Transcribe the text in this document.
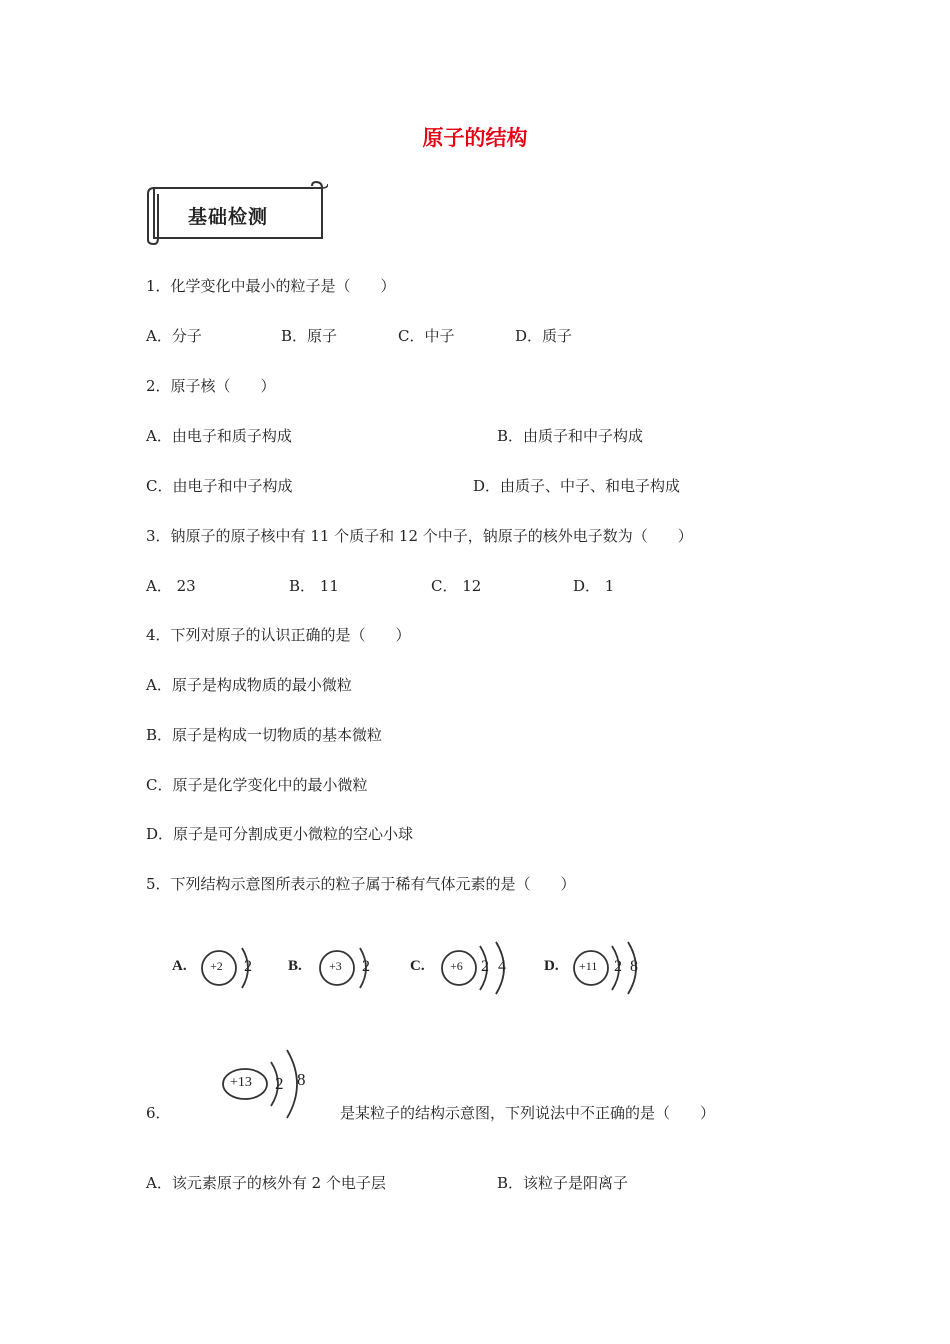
原子的结构
基础检测
1．化学变化中最小的粒子是（　　）
A．分子	B．原子	C．中子	D．质子
2．原子核（　　）
A．由电子和质子构成	B．由质子和中子构成
C．由电子和中子构成	D．由质子、中子、和电子构成
3．钠原子的原子核中有 11 个质子和 12 个中子，钠原子的核外电子数为（　　）
A． 23	B． 11	C． 12	D． 1
4．下列对原子的认识正确的是（　　）
A．原子是构成物质的最小微粒
B．原子是构成一切物质的基本微粒
C．原子是化学变化中的最小微粒
D．原子是可分割成更小微粒的空心小球
5．下列结构示意图所表示的粒子属于稀有气体元素的是（　　）
A. +2 2 B. +3 2	C. +6 2 4	D. +11 2 8
6．
+13 2 8
是某粒子的结构示意图，下列说法中不正确的是（　　）
A．该元素原子的核外有 2 个电子层	B．该粒子是阳离子
